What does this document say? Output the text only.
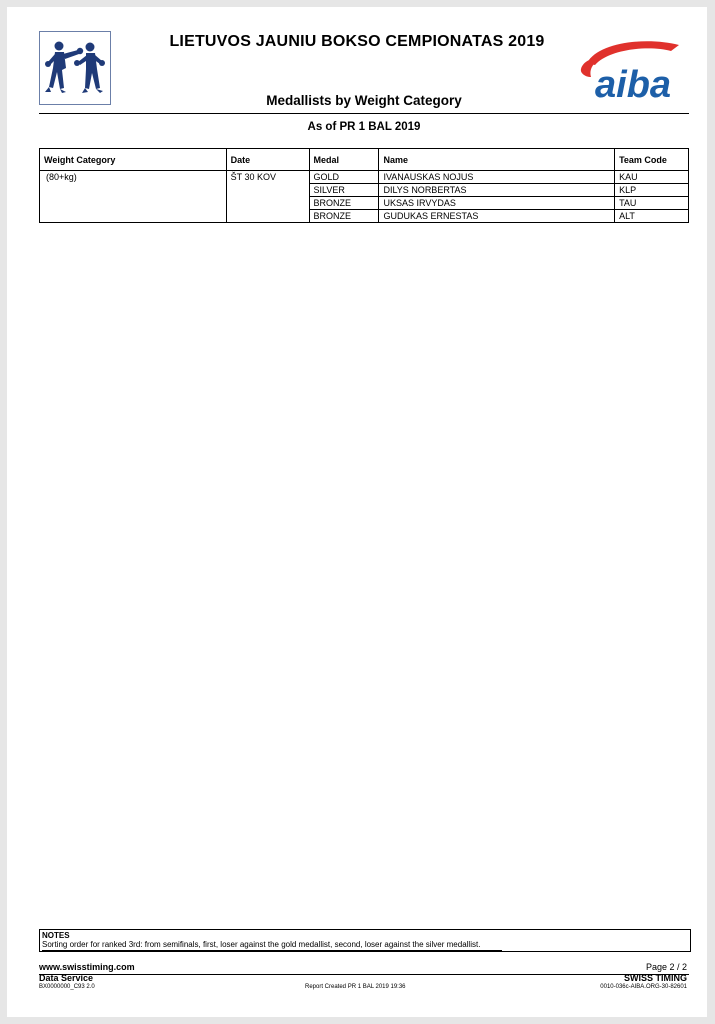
LIETUVOS JAUNIU BOKSO CEMPIONATAS 2019
aiba
Medallists by Weight Category
As of PR 1 BAL 2019
Weight Category	Date	Medal	Name	Team Code
(80+kg)	ŠT 30 KOV	GOLD	IVANAUSKAS NOJUS	KAU
		SILVER	DILYS NORBERTAS	KLP
		BRONZE	UKSAS IRVYDAS	TAU
		BRONZE	GUDUKAS ERNESTAS	ALT
NOTES
Sorting order for ranked 3rd: from semifinals, first, loser against the gold medallist, second, loser against the silver medallist.
www.swisstiming.com
Data Service
Page 2 / 2
SWISS TIMING
BX0000000_C93 2.0	Report Created PR 1 BAL 2019 19:36	0010-036c-AIBA.ORG-30-82601
